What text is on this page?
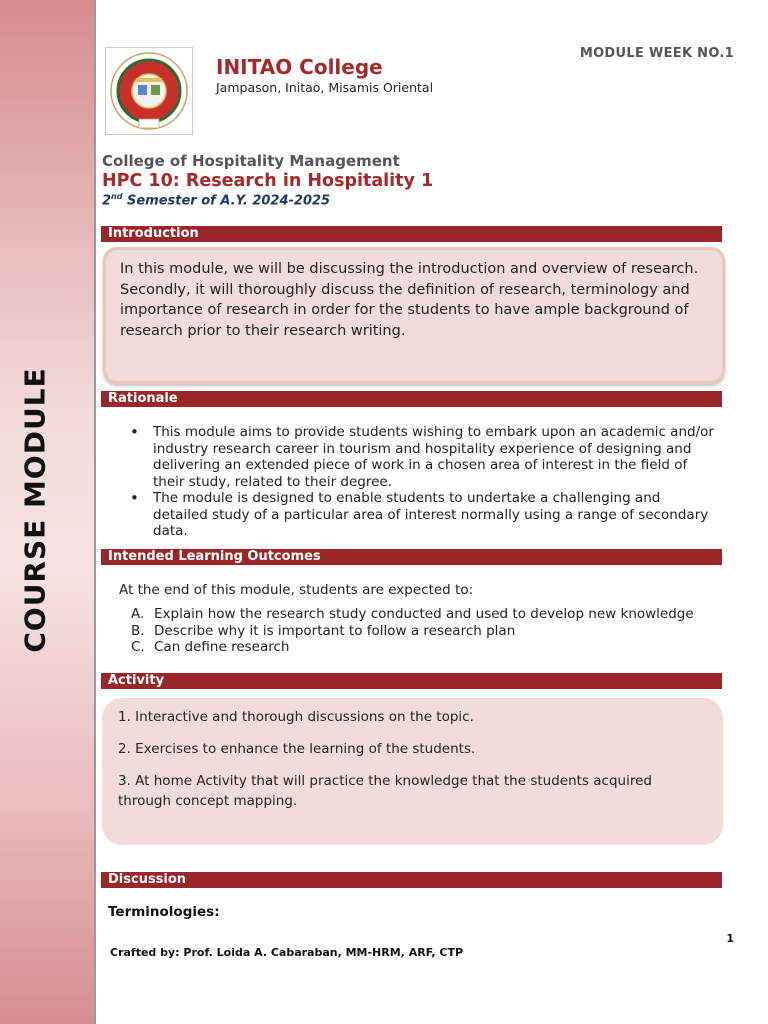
COURSE MODULE
INITAO College
Jampason, Initao, Misamis Oriental
MODULE WEEK NO.1
College of Hospitality Management
HPC 10: Research in Hospitality 1
2nd Semester of A.Y. 2024-2025
Introduction
In this module, we will be discussing the introduction and overview of research. Secondly, it will thoroughly discuss the definition of research, terminology and importance of research in order for the students to have ample background of research prior to their research writing.
Rationale
• This module aims to provide students wishing to embark upon an academic and/or industry research career in tourism and hospitality experience of designing and delivering an extended piece of work in a chosen area of interest in the field of their study, related to their degree.
• The module is designed to enable students to undertake a challenging and detailed study of a particular area of interest normally using a range of secondary data.
Intended Learning Outcomes
At the end of this module, students are expected to:
A. Explain how the research study conducted and used to develop new knowledge
B. Describe why it is important to follow a research plan
C. Can define research
Activity

1. Interactive and thorough discussions on the topic.

2. Exercises to enhance the learning of the students.

3. At home Activity that will practice the knowledge that the students acquired through concept mapping.

Discussion
Terminologies:
1
Crafted by: Prof. Loida A. Cabaraban, MM-HRM, ARF, CTP
